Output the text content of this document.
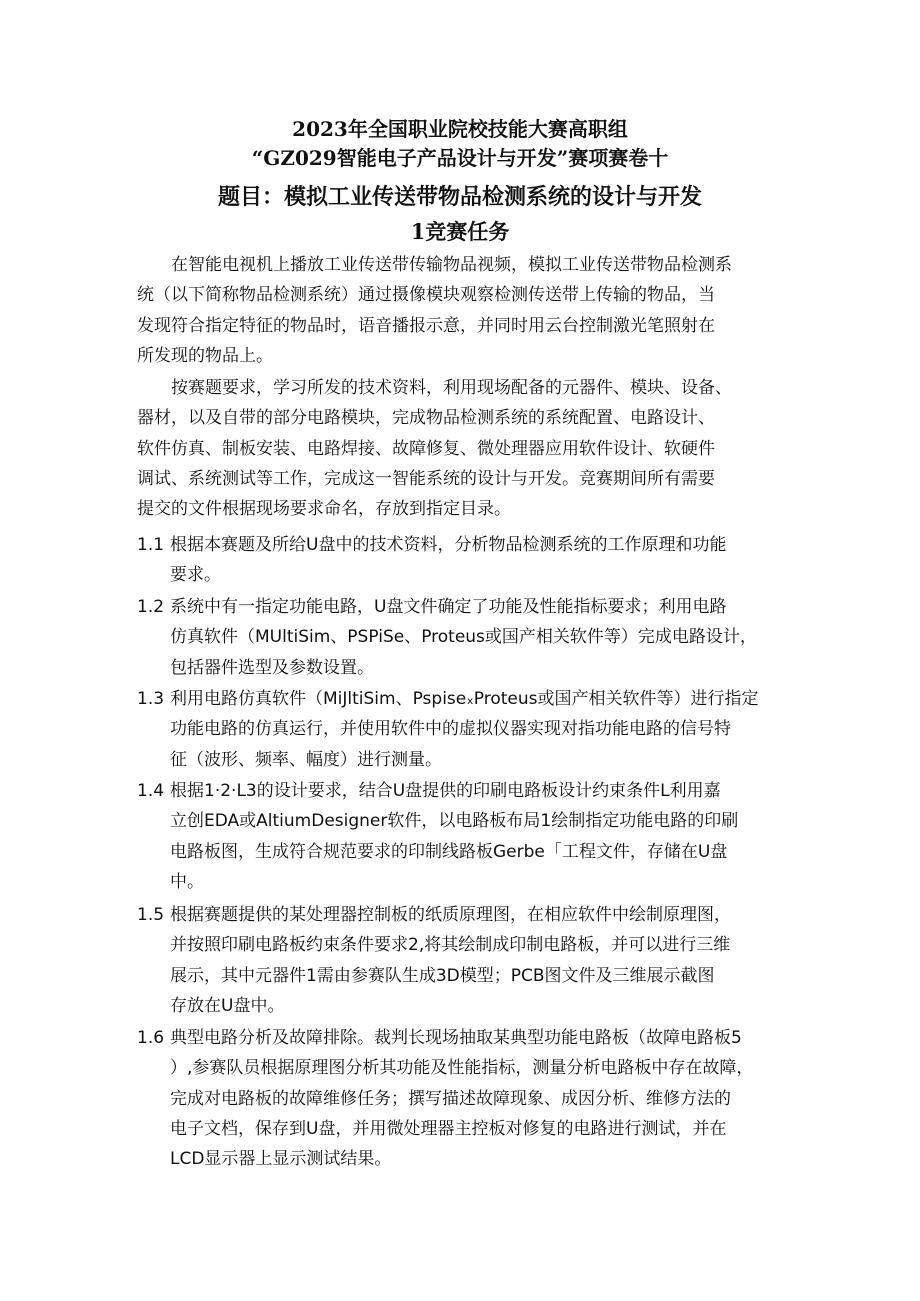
2023年全国职业院校技能大赛高职组
“GZ029智能电子产品设计与开发”赛项赛卷十
题目：模拟工业传送带物品检测系统的设计与开发
1竞赛任务
在智能电视机上播放工业传送带传输物品视频，模拟工业传送带物品检测系
统（以下简称物品检测系统）通过摄像模块观察检测传送带上传输的物品，当
发现符合指定特征的物品时，语音播报示意，并同时用云台控制激光笔照射在
所发现的物品上。
按赛题要求，学习所发的技术资料，利用现场配备的元器件、模块、设备、
器材，以及自带的部分电路模块，完成物品检测系统的系统配置、电路设计、
软件仿真、制板安装、电路焊接、故障修复、微处理器应用软件设计、软硬件
调试、系统测试等工作，完成这一智能系统的设计与开发。竞赛期间所有需要
提交的文件根据现场要求命名，存放到指定目录。
1.1 根据本赛题及所给U盘中的技术资料，分析物品检测系统的工作原理和功能
要求。
1.2 系统中有一指定功能电路，U盘文件确定了功能及性能指标要求；利用电路
仿真软件（MUltiSim、PSPiSe、Proteus或国产相关软件等）完成电路设计，
包括器件选型及参数设置。
1.3 利用电路仿真软件（MiJltiSim、PspiseₓProteus或国产相关软件等）进行指定
功能电路的仿真运行，并使用软件中的虚拟仪器实现对指功能电路的信号特
征（波形、频率、幅度）进行测量。
1.4 根据1·2·L3的设计要求，结合U盘提供的印刷电路板设计约束条件L利用嘉
立创EDA或AltiumDesigner软件，以电路板布局1绘制指定功能电路的印刷
电路板图，生成符合规范要求的印制线路板Gerbe「工程文件，存储在U盘
中。
1.5 根据赛题提供的某处理器控制板的纸质原理图，在相应软件中绘制原理图，
并按照印刷电路板约束条件要求2,将其绘制成印制电路板，并可以进行三维
展示，其中元器件1需由参赛队生成3D模型；PCB图文件及三维展示截图
存放在U盘中。
1.6 典型电路分析及故障排除。裁判长现场抽取某典型功能电路板（故障电路板5
）,参赛队员根据原理图分析其功能及性能指标，测量分析电路板中存在故障，
完成对电路板的故障维修任务；撰写描述故障现象、成因分析、维修方法的
电子文档，保存到U盘，并用微处理器主控板对修复的电路进行测试，并在
LCD显示器上显示测试结果。
